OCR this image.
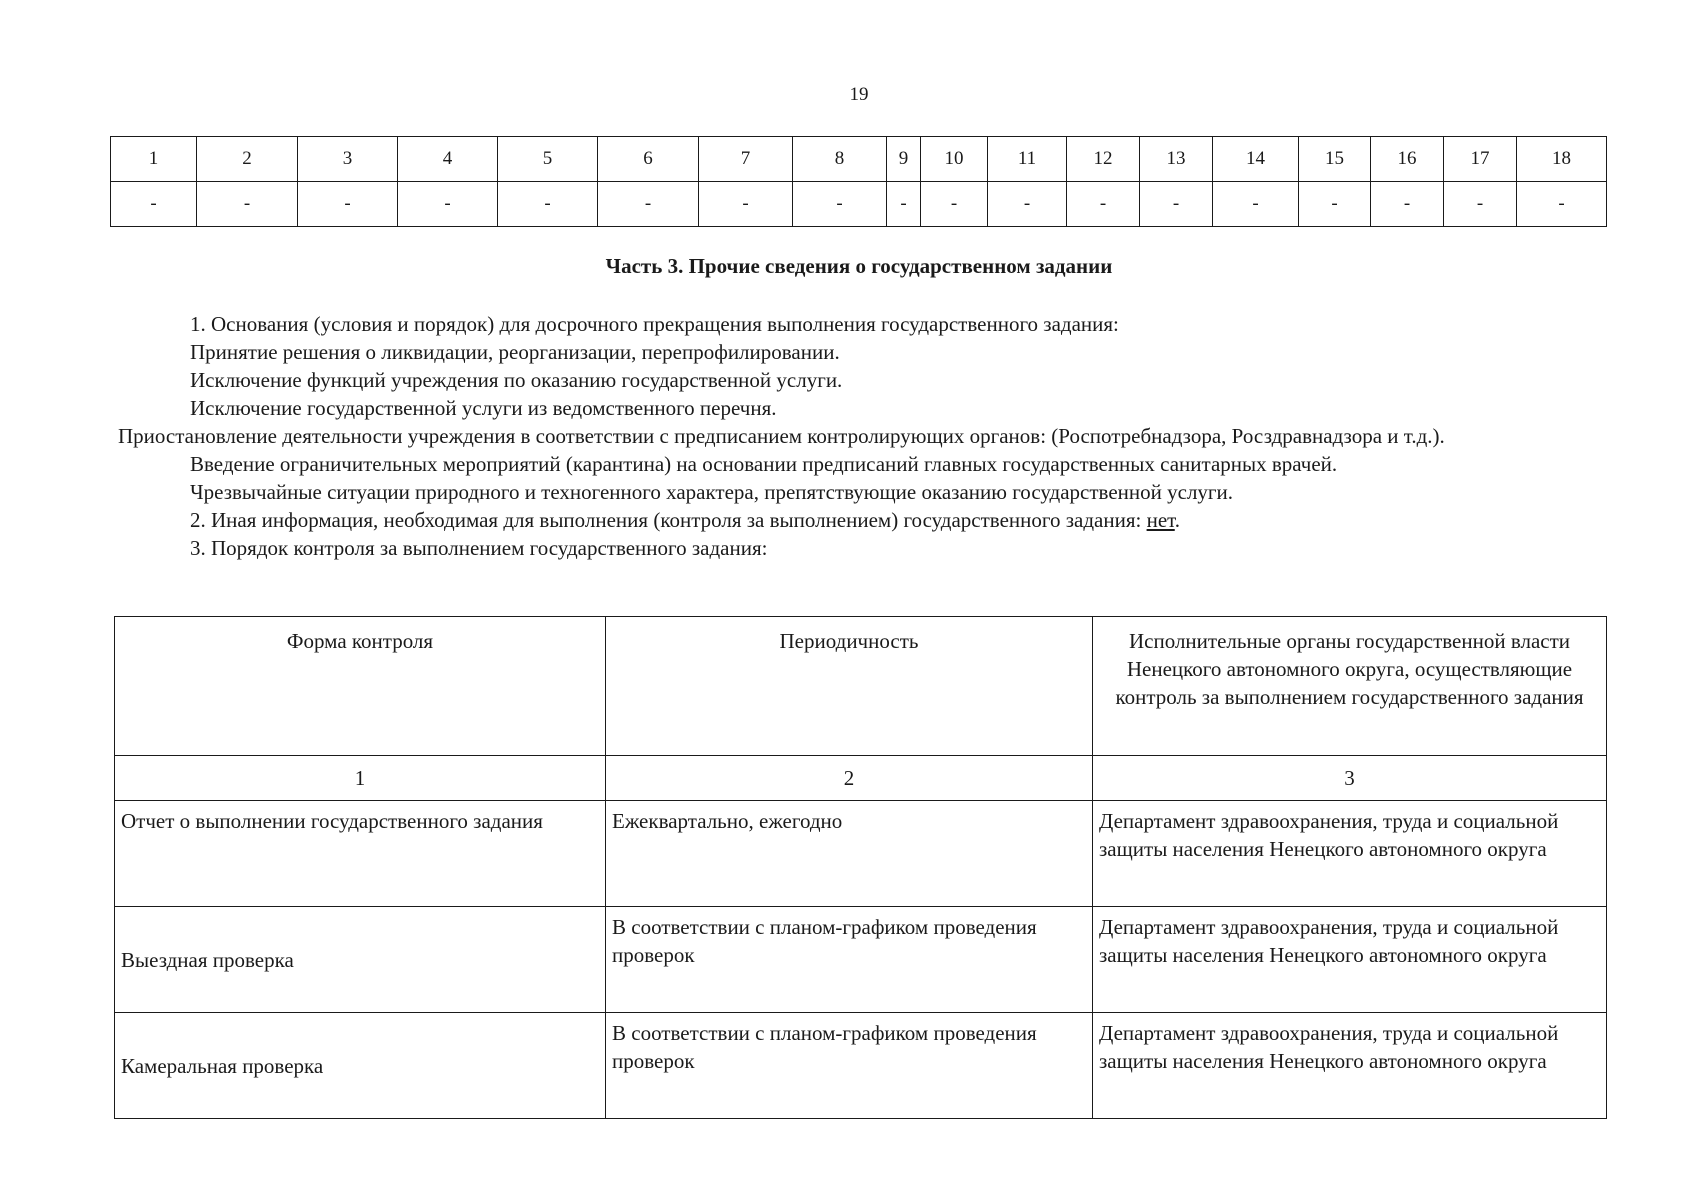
19
1	2	3	4	5	6	7	8	9	10	11	12	13	14	15	16	17	18
-	-	-	-	-	-	-	-	-	-	-	-	-	-	-	-	-	-
Часть 3. Прочие сведения о государственном задании

1. Основания (условия и порядок) для досрочного прекращения выполнения государственного задания:

Принятие решения о ликвидации, реорганизации, перепрофилировании.

Исключение функций учреждения по оказанию государственной услуги.

Исключение государственной услуги из ведомственного перечня.

Приостановление деятельности учреждения в соответствии с предписанием контролирующих органов: (Роспотребнадзора, Росздравнадзора и т.д.).

Введение ограничительных мероприятий (карантина) на основании предписаний главных государственных санитарных врачей.

Чрезвычайные ситуации природного и техногенного характера, препятствующие оказанию государственной услуги.

2. Иная информация, необходимая для выполнения (контроля за выполнением) государственного задания: нет.

3. Порядок контроля за выполнением государственного задания:

Форма контроля	Периодичность	Исполнительные органы государственной власти Ненецкого автономного округа, осуществляющие контроль за выполнением государственного задания
1	2	3
Отчет о выполнении государственного задания	Ежеквартально, ежегодно	Департамент здравоохранения, труда и социальной защиты населения Ненецкого автономного округа
Выездная проверка	В соответствии с планом-графиком проведения проверок	Департамент здравоохранения, труда и социальной защиты населения Ненецкого автономного округа
Камеральная проверка	В соответствии с планом-графиком проведения проверок	Департамент здравоохранения, труда и социальной защиты населения Ненецкого автономного округа
